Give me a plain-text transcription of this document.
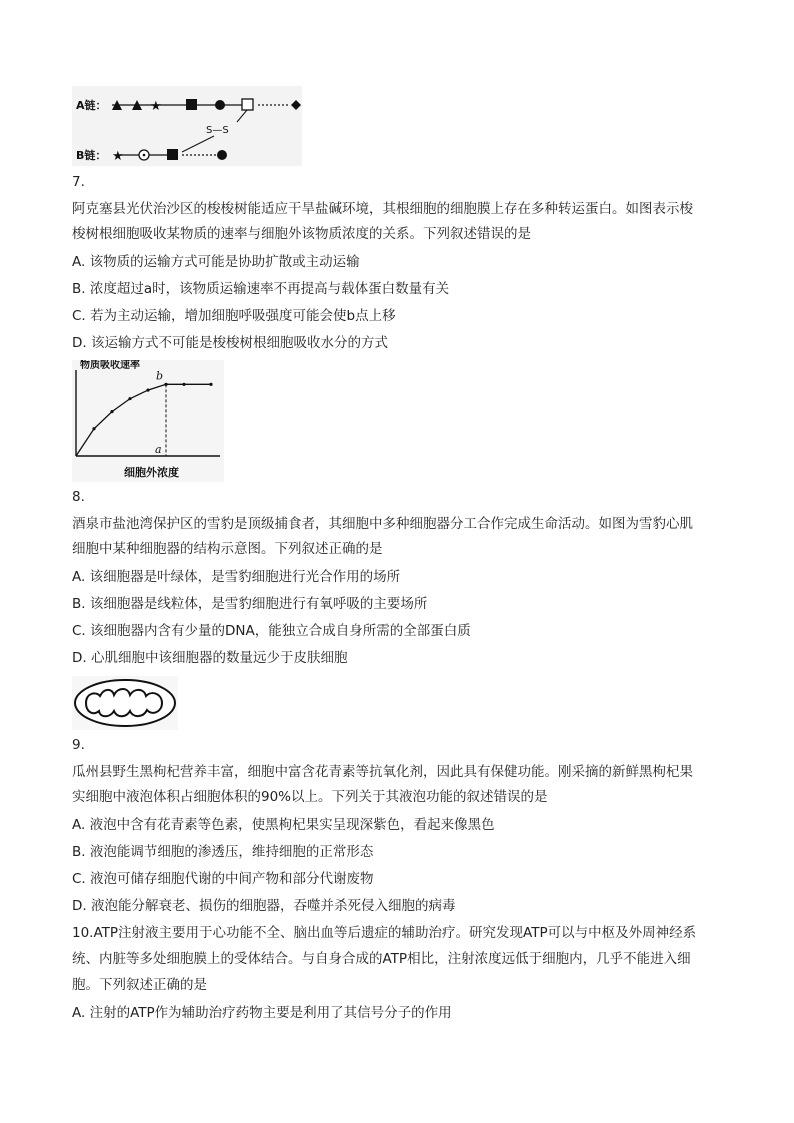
A链：	★
S—S
B链： ★
7.
阿克塞县光伏治沙区的梭梭树能适应干旱盐碱环境，其根细胞的细胞膜上存在多种转运蛋白。如图表示梭
梭树根细胞吸收某物质的速率与细胞外该物质浓度的关系。下列叙述错误的是
A. 该物质的运输方式可能是协助扩散或主动运输
B. 浓度超过a时，该物质运输速率不再提高与载体蛋白数量有关
C. 若为主动运输，增加细胞呼吸强度可能会使b点上移
D. 该运输方式不可能是梭梭树根细胞吸收水分的方式
物质吸收速率
b
a
细胞外浓度
8.
酒泉市盐池湾保护区的雪豹是顶级捕食者，其细胞中多种细胞器分工合作完成生命活动。如图为雪豹心肌
细胞中某种细胞器的结构示意图。下列叙述正确的是
A. 该细胞器是叶绿体，是雪豹细胞进行光合作用的场所
B. 该细胞器是线粒体，是雪豹细胞进行有氧呼吸的主要场所
C. 该细胞器内含有少量的DNA，能独立合成自身所需的全部蛋白质
D. 心肌细胞中该细胞器的数量远少于皮肤细胞
9.
瓜州县野生黑枸杞营养丰富，细胞中富含花青素等抗氧化剂，因此具有保健功能。刚采摘的新鲜黑枸杞果
实细胞中液泡体积占细胞体积的90%以上。下列关于其液泡功能的叙述错误的是
A. 液泡中含有花青素等色素，使黑枸杞果实呈现深紫色，看起来像黑色
B. 液泡能调节细胞的渗透压，维持细胞的正常形态
C. 液泡可储存细胞代谢的中间产物和部分代谢废物
D. 液泡能分解衰老、损伤的细胞器，吞噬并杀死侵入细胞的病毒
10.ATP注射液主要用于心功能不全、脑出血等后遗症的辅助治疗。研究发现ATP可以与中枢及外周神经系
统、内脏等多处细胞膜上的受体结合。与自身合成的ATP相比，注射浓度远低于细胞内，几乎不能进入细
胞。下列叙述正确的是
A. 注射的ATP作为辅助治疗药物主要是利用了其信号分子的作用
